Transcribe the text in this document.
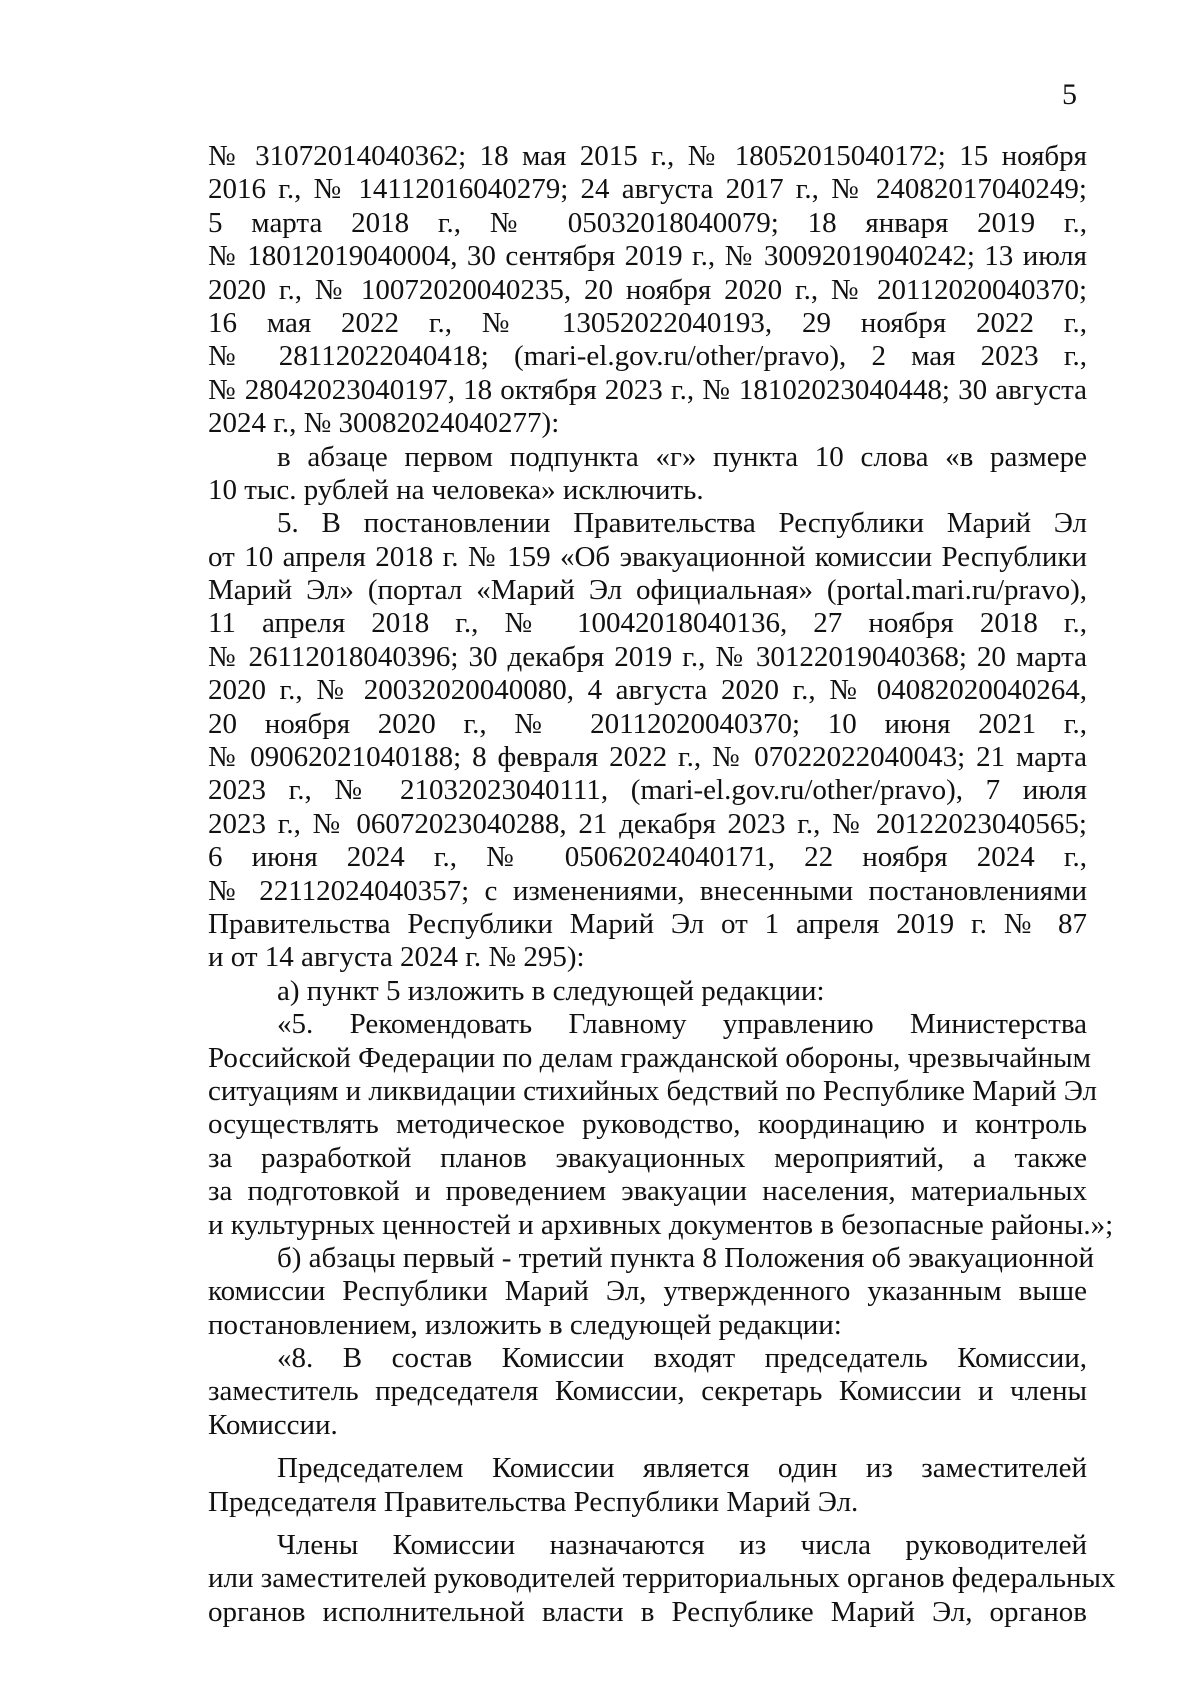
5
№ 31072014040362; 18 мая 2015 г., № 18052015040172; 15 ноября
2016 г., № 14112016040279; 24 августа 2017 г., № 24082017040249;
5 марта 2018 г., № 05032018040079; 18 января 2019 г.,
№ 18012019040004, 30 сентября 2019 г., № 30092019040242; 13 июля
2020 г., № 10072020040235, 20 ноября 2020 г., № 20112020040370;
16 мая 2022 г., № 13052022040193, 29 ноября 2022 г.,
№ 28112022040418; (mari-el.gov.ru/other/pravo), 2 мая 2023 г.,
№ 28042023040197, 18 октября 2023 г., № 18102023040448; 30 августа
2024 г., № 30082024040277):
в абзаце первом подпункта «г» пункта 10 слова «в размере
10 тыс. рублей на человека» исключить.
5. В постановлении Правительства Республики Марий Эл
от 10 апреля 2018 г. № 159 «Об эвакуационной комиссии Республики
Марий Эл» (портал «Марий Эл официальная» (portal.mari.ru/pravo),
11 апреля 2018 г., № 10042018040136, 27 ноября 2018 г.,
№ 26112018040396; 30 декабря 2019 г., № 30122019040368; 20 марта
2020 г., № 20032020040080, 4 августа 2020 г., № 04082020040264,
20 ноября 2020 г., № 20112020040370; 10 июня 2021 г.,
№ 09062021040188; 8 февраля 2022 г., № 07022022040043; 21 марта
2023 г., № 21032023040111, (mari-el.gov.ru/other/pravo), 7 июля
2023 г., № 06072023040288, 21 декабря 2023 г., № 20122023040565;
6 июня 2024 г., № 05062024040171, 22 ноября 2024 г.,
№ 22112024040357; с изменениями, внесенными постановлениями
Правительства Республики Марий Эл от 1 апреля 2019 г. № 87
и от 14 августа 2024 г. № 295):
а) пункт 5 изложить в следующей редакции:
«5. Рекомендовать Главному управлению Министерства
Российской Федерации по делам гражданской обороны, чрезвычайным
ситуациям и ликвидации стихийных бедствий по Республике Марий Эл
осуществлять методическое руководство, координацию и контроль
за разработкой планов эвакуационных мероприятий, а также
за подготовкой и проведением эвакуации населения, материальных
и культурных ценностей и архивных документов в безопасные районы.»;
б) абзацы первый - третий пункта 8 Положения об эвакуационной
комиссии Республики Марий Эл, утвержденного указанным выше
постановлением, изложить в следующей редакции:
«8. В состав Комиссии входят председатель Комиссии,
заместитель председателя Комиссии, секретарь Комиссии и члены
Комиссии.
Председателем Комиссии является один из заместителей
Председателя Правительства Республики Марий Эл.
Члены Комиссии назначаются из числа руководителей
или заместителей руководителей территориальных органов федеральных
органов исполнительной власти в Республике Марий Эл, органов
